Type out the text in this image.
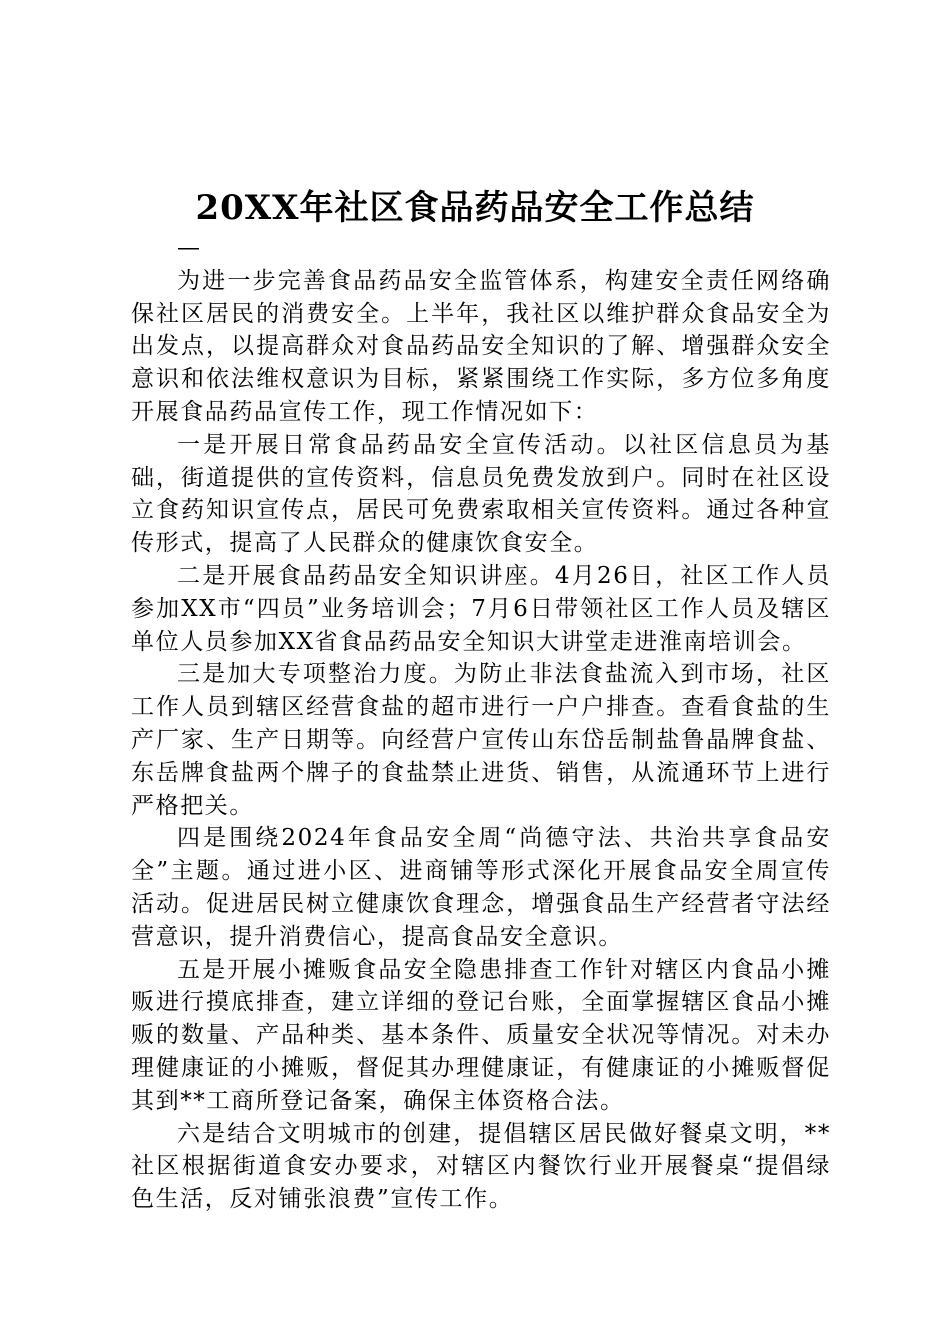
20XX年社区食品药品安全工作总结

—

为进一步完善食品药品安全监管体系，构建安全责任网络确保社区居民的消费安全。上半年，我社区以维护群众食品安全为出发点，以提高群众对食品药品安全知识的了解、增强群众安全意识和依法维权意识为目标，紧紧围绕工作实际，多方位多角度开展食品药品宣传工作，现工作情况如下：

一是开展日常食品药品安全宣传活动。以社区信息员为基础，街道提供的宣传资料，信息员免费发放到户。同时在社区设立食药知识宣传点，居民可免费索取相关宣传资料。通过各种宣传形式，提高了人民群众的健康饮食安全。

二是开展食品药品安全知识讲座。4月26日，社区工作人员参加XX市“四员”业务培训会；7月6日带领社区工作人员及辖区单位人员参加XX省食品药品安全知识大讲堂走进淮南培训会。

三是加大专项整治力度。为防止非法食盐流入到市场，社区工作人员到辖区经营食盐的超市进行一户户排查。查看食盐的生产厂家、生产日期等。向经营户宣传山东岱岳制盐鲁晶牌食盐、东岳牌食盐两个牌子的食盐禁止进货、销售，从流通环节上进行严格把关。

四是围绕2024年食品安全周“尚德守法、共治共享食品安全”主题。通过进小区、进商铺等形式深化开展食品安全周宣传活动。促进居民树立健康饮食理念，增强食品生产经营者守法经营意识，提升消费信心，提高食品安全意识。

五是开展小摊贩食品安全隐患排查工作针对辖区内食品小摊贩进行摸底排查，建立详细的登记台账，全面掌握辖区食品小摊贩的数量、产品种类、基本条件、质量安全状况等情况。对未办理健康证的小摊贩，督促其办理健康证，有健康证的小摊贩督促其到**工商所登记备案，确保主体资格合法。

六是结合文明城市的创建，提倡辖区居民做好餐桌文明，**社区根据街道食安办要求，对辖区内餐饮行业开展餐桌“提倡绿色生活，反对铺张浪费”宣传工作。
